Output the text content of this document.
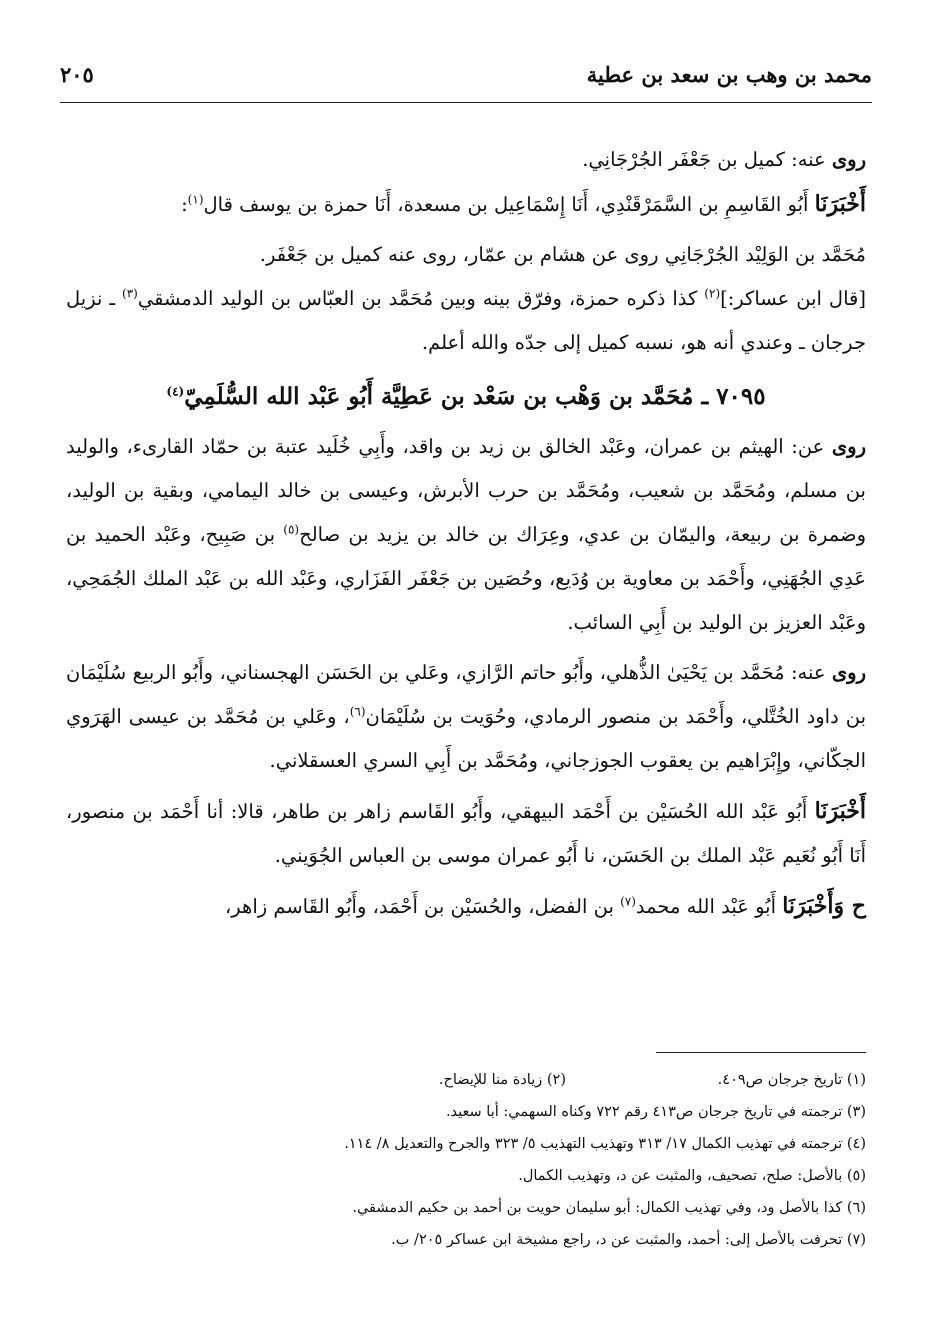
محمد بن وهب بن سعد بن عطية
٢٠٥

روى عنه: كميل بن جَعْفَر الجُرْجَانِي.

أَخْبَرَنَا أَبُو القَاسِمِ بن السَّمَرْقَنْدِي، أَنَا إِسْمَاعِيل بن مسعدة، أَنَا حمزة بن يوسف قال$^{(١)}$:

مُحَمَّد بن الوَلِيْد الجُرْجَانِي روى عن هشام بن عمّار، روى عنه كميل بن جَعْفَر.

[قال ابن عساكر:]$^{(٢)}$ كذا ذكره حمزة، وفرّق بينه وبين مُحَمَّد بن العبّاس بن الوليد الدمشقي$^{(٣)}$ ـ نزيل جرجان ـ وعندي أنه هو، نسبه كميل إلى جدّه والله أعلم.

٧٠٩٥ ـ مُحَمَّد بن وَهْب بن سَعْد بن عَطِيَّة أَبُو عَبْد الله السُّلَمِيّ$^{(٤)}$

روى عن: الهيثم بن عمران، وعَبْد الخالق بن زيد بن واقد، وأَبِي خُلَيد عتبة بن حمّاد القارىء، والوليد بن مسلم، ومُحَمَّد بن شعيب، ومُحَمَّد بن حرب الأبرش، وعيسى بن خالد اليمامي، وبقية بن الوليد، وضمرة بن ربيعة، واليمّان بن عدي، وعِرَاك بن خالد بن يزيد بن صالح$^{(٥)}$ بن صَبِيح، وعَبْد الحميد بن عَدِي الجُهَنِي، وأَحْمَد بن معاوية بن وُدَيع، وحُصَين بن جَعْفَر الفَزَاري، وعَبْد الله بن عَبْد الملك الجُمَحِي، وعَبْد العزيز بن الوليد بن أَبِي السائب.

روى عنه: مُحَمَّد بن يَحْيَىٰ الذُّهلي، وأَبُو حاتم الرَّازي، وعَلي بن الحَسَن الهجسناني، وأَبُو الربيع سُلَيْمَان بن داود الخُتَّلي، وأَحْمَد بن منصور الرمادي، وحُوَيت بن سُلَيْمَان$^{(٦)}$، وعَلي بن مُحَمَّد بن عيسى الهَرَوي الجكّاني، وإِبْرَاهيم بن يعقوب الجوزجاني، ومُحَمَّد بن أَبِي السري العسقلاني.

أَخْبَرَنَا أَبُو عَبْد الله الحُسَيْن بن أَحْمَد البيهقي، وأَبُو القَاسم زاهر بن طاهر، قالا: أنا أَحْمَد بن منصور، أَنَا أَبُو نُعَيم عَبْد الملك بن الحَسَن، نا أَبُو عمران موسى بن العباس الجُوَيني.

ح وَأَخْبَرَنَا أَبُو عَبْد الله محمد$^{(٧)}$ بن الفضل، والحُسَيْن بن أَحْمَد، وأَبُو القَاسم زاهر،

(١) تاريخ جرجان ص٤٠٩.

(٢) زيادة منا للإيضاح.

(٣) ترجمته في تاريخ جرجان ص٤١٣ رقم ٧٢٢ وكناه السهمي: أبا سعيد.

(٤) ترجمته في تهذيب الكمال ١٧/ ٣١٣ وتهذيب التهذيب ٥/ ٣٢٣ والجرح والتعديل ٨/ ١١٤.

(٥) بالأصل: صلح، تصحيف، والمثبت عن د، وتهذيب الكمال.

(٦) كذا بالأصل ود، وفي تهذيب الكمال: أبو سليمان حويت بن أحمد بن حكيم الدمشقي.

(٧) تحرفت بالأصل إلى: أحمد، والمثبت عن د، راجع مشيخة ابن عساكر ٢٠٥/ ب.
